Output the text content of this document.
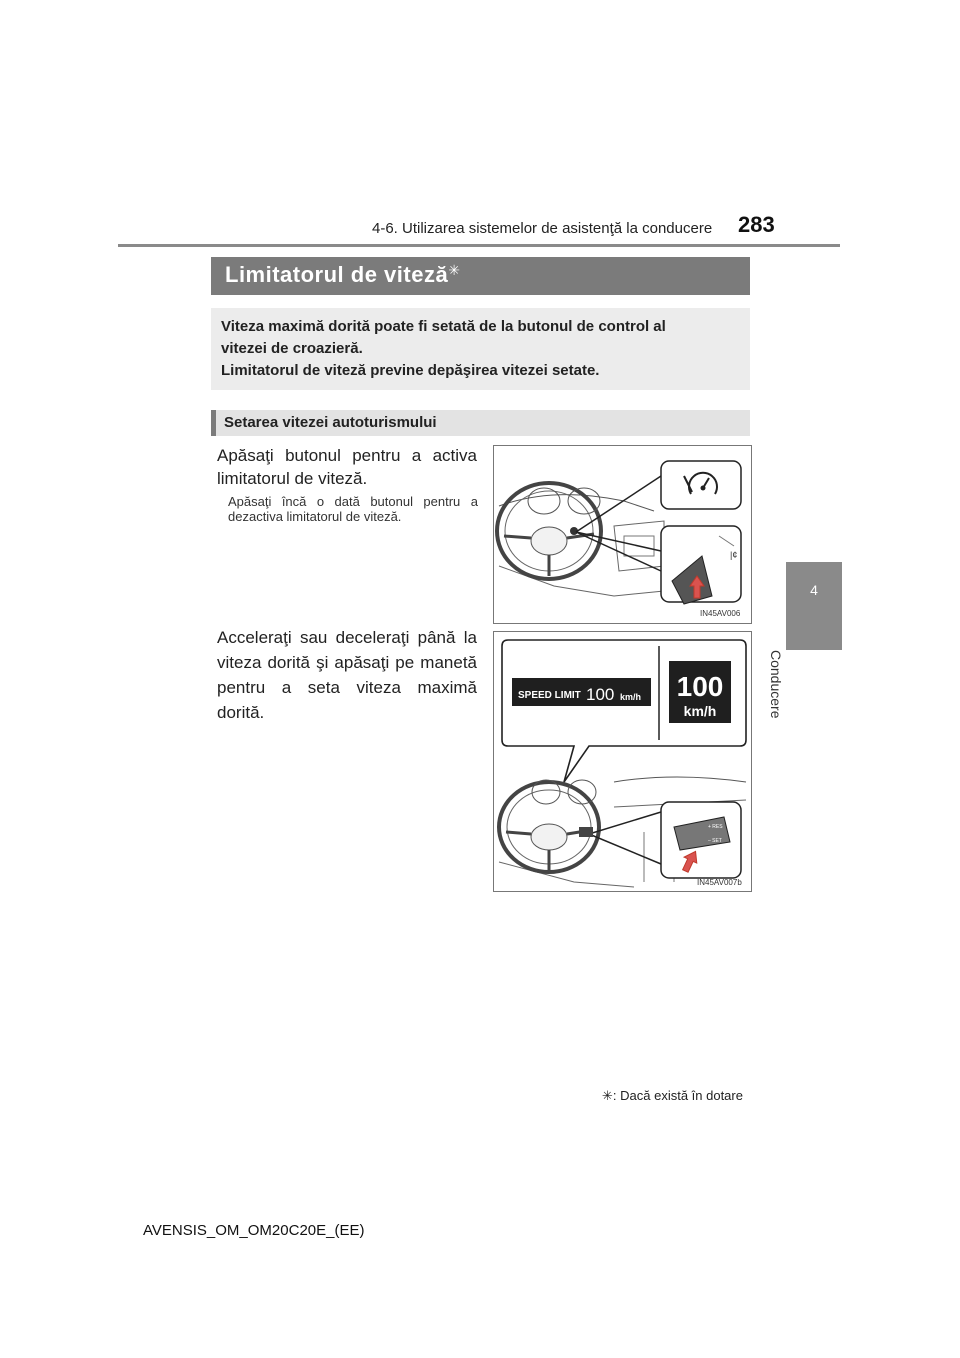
4-6. Utilizarea sistemelor de asistenţă la conducere 283
4
Conducere
Limitatorul de viteză✳
Viteza maximă dorită poate fi setată de la butonul de control al
vitezei de croazieră.
Limitatorul de viteză previne depăşirea vitezei setate.
Setarea vitezei autoturismului
Apăsaţi butonul pentru a activa limitatorul de viteză.
Apăsaţi încă o dată butonul pentru a dezactiva limitatorul de viteză.
|¢
IN45AV006
Acceleraţi sau deceleraţi până la viteza dorită şi apăsaţi pe manetă pentru a seta viteza maximă dorită.
SPEED LIMIT 100 km/h 100
km/h
+ RES
– SET
IN45AV007b
✳: Dacă există în dotare
AVENSIS_OM_OM20C20E_(EE)
